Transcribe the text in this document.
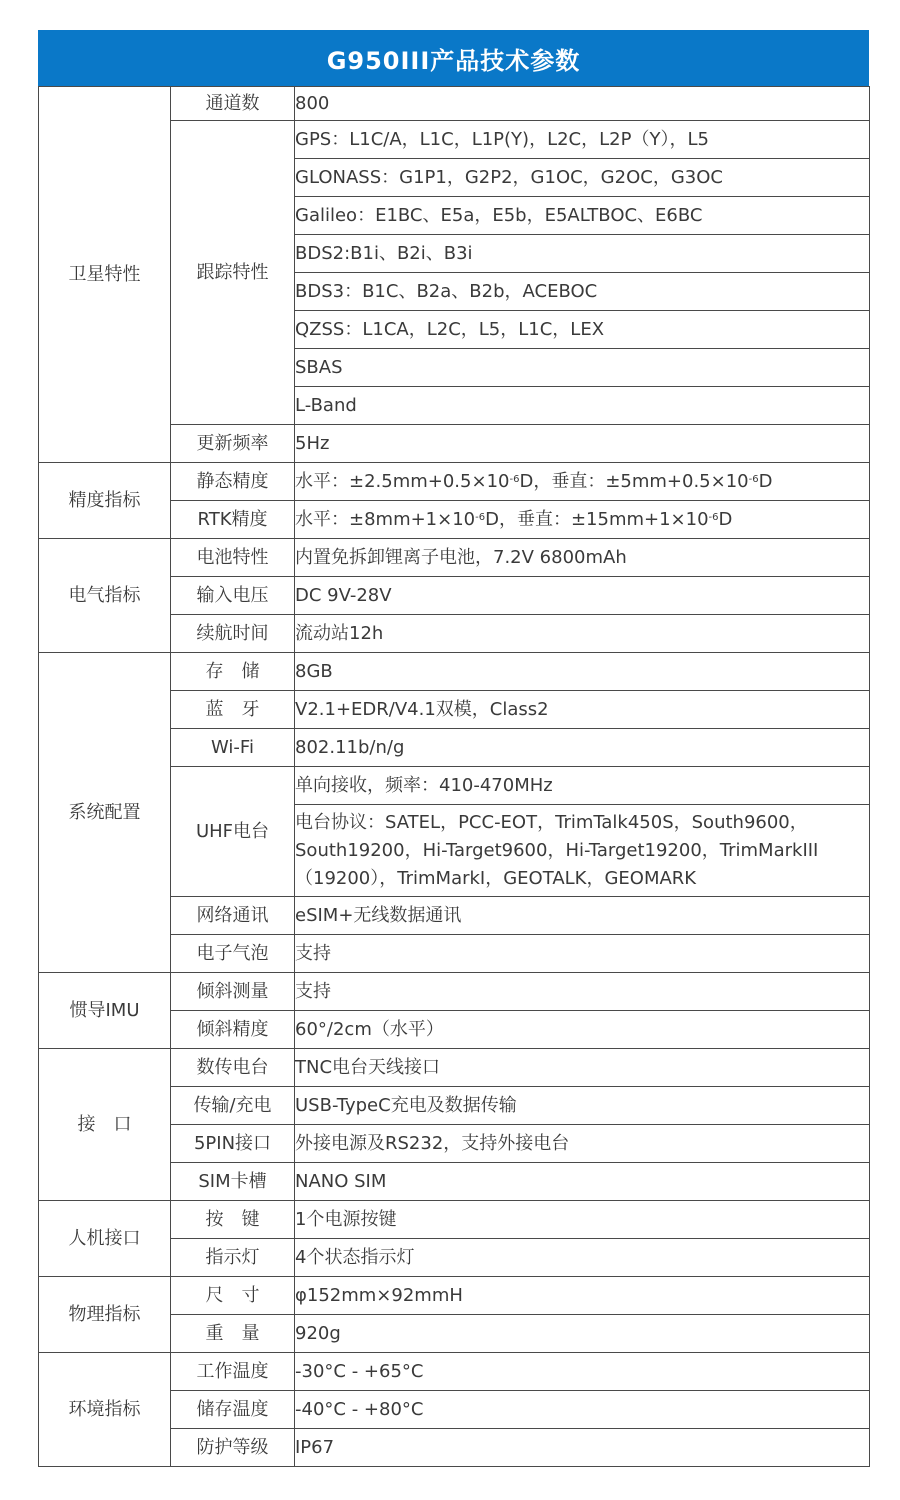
G950III产品技术参数
卫星特性	通道数	800
	跟踪特性	GPS：L1C/A，L1C，L1P(Y)，L2C，L2P（Y），L5
		GLONASS：G1P1，G2P2，G1OC，G2OC，G3OC
		Galileo：E1BC、E5a，E5b，E5ALTBOC、E6BC
		BDS2:B1i、B2i、B3i
		BDS3：B1C、B2a、B2b，ACEBOC
		QZSS：L1CA，L2C，L5，L1C，LEX
		SBAS
		L-Band
	更新频率	5Hz
精度指标	静态精度	水平：$\pm 2.5mm+0.5\times 10^{-6}D$，垂直：$\pm 5mm+0.5\times 10^{-6}D$
	RTK精度	水平：$\pm 8mm+1\times 10^{-6}D$，垂直：$\pm 15mm+1\times 10^{-6}D$
电气指标	电池特性	内置免拆卸锂离子电池，7.2V 6800mAh
	输入电压	DC 9V-28V
	续航时间	流动站12h
系统配置	存　储	8GB
	蓝　牙	V2.1+EDR/V4.1双模，Class2
	Wi-Fi	802.11b/n/g
	UHF电台	单向接收，频率：410-470MHz
		电台协议：SATEL，PCC-EOT，TrimTalk450S，South9600，South19200，Hi-Target9600，Hi-Target19200，TrimMarkIII（19200），TrimMarkI，GEOTALK，GEOMARK
	网络通讯	eSIM+无线数据通讯
	电子气泡	支持
惯导IMU	倾斜测量	支持
	倾斜精度	60°/2cm（水平）
接　口	数传电台	TNC电台天线接口
	传输/充电	USB-TypeC充电及数据传输
	5PIN接口	外接电源及RS232，支持外接电台
	SIM卡槽	NANO SIM
人机接口	按　键	1个电源按键
	指示灯	4个状态指示灯
物理指标	尺　寸	φ152mm×92mmH
	重　量	920g
环境指标	工作温度	-30°C - +65°C
	储存温度	-40°C - +80°C
	防护等级	IP67
